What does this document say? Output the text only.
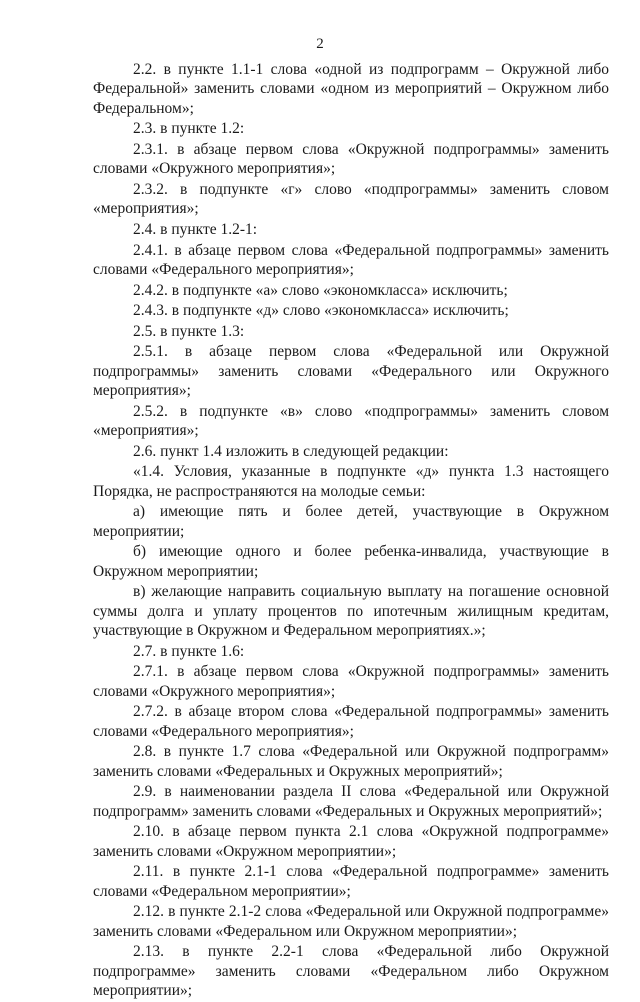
2

2.2. в пункте 1.1-1 слова «одной из подпрограмм – Окружной либо Федеральной» заменить словами «одном из мероприятий – Окружном либо Федеральном»;

2.3. в пункте 1.2:

2.3.1. в абзаце первом слова «Окружной подпрограммы» заменить словами «Окружного мероприятия»;

2.3.2. в подпункте «г» слово «подпрограммы» заменить словом «мероприятия»;

2.4. в пункте 1.2-1:

2.4.1. в абзаце первом слова «Федеральной подпрограммы» заменить словами «Федерального мероприятия»;

2.4.2. в подпункте «а» слово «экономкласса» исключить;

2.4.3. в подпункте «д» слово «экономкласса» исключить;

2.5. в пункте 1.3:

2.5.1. в абзаце первом слова «Федеральной или Окружной подпрограммы» заменить словами «Федерального или Окружного мероприятия»;

2.5.2. в подпункте «в» слово «подпрограммы» заменить словом «мероприятия»;

2.6. пункт 1.4 изложить в следующей редакции:

«1.4. Условия, указанные в подпункте «д» пункта 1.3 настоящего Порядка, не распространяются на молодые семьи:

а) имеющие пять и более детей, участвующие в Окружном мероприятии;

б) имеющие одного и более ребенка-инвалида, участвующие в Окружном мероприятии;

в) желающие направить социальную выплату на погашение основной суммы долга и уплату процентов по ипотечным жилищным кредитам, участвующие в Окружном и Федеральном мероприятиях.»;

2.7. в пункте 1.6:

2.7.1. в абзаце первом слова «Окружной подпрограммы» заменить словами «Окружного мероприятия»;

2.7.2. в абзаце втором слова «Федеральной подпрограммы» заменить словами «Федерального мероприятия»;

2.8. в пункте 1.7 слова «Федеральной или Окружной подпрограмм» заменить словами «Федеральных и Окружных мероприятий»;

2.9. в наименовании раздела II слова «Федеральной или Окружной подпрограмм» заменить словами «Федеральных и Окружных мероприятий»;

2.10. в абзаце первом пункта 2.1 слова «Окружной подпрограмме» заменить словами «Окружном мероприятии»;

2.11. в пункте 2.1-1 слова «Федеральной подпрограмме» заменить словами «Федеральном мероприятии»;

2.12. в пункте 2.1-2 слова «Федеральной или Окружной подпрограмме» заменить словами «Федеральном или Окружном мероприятии»;

2.13. в пункте 2.2-1 слова «Федеральной либо Окружной подпрограмме» заменить словами «Федеральном либо Окружном мероприятии»;
